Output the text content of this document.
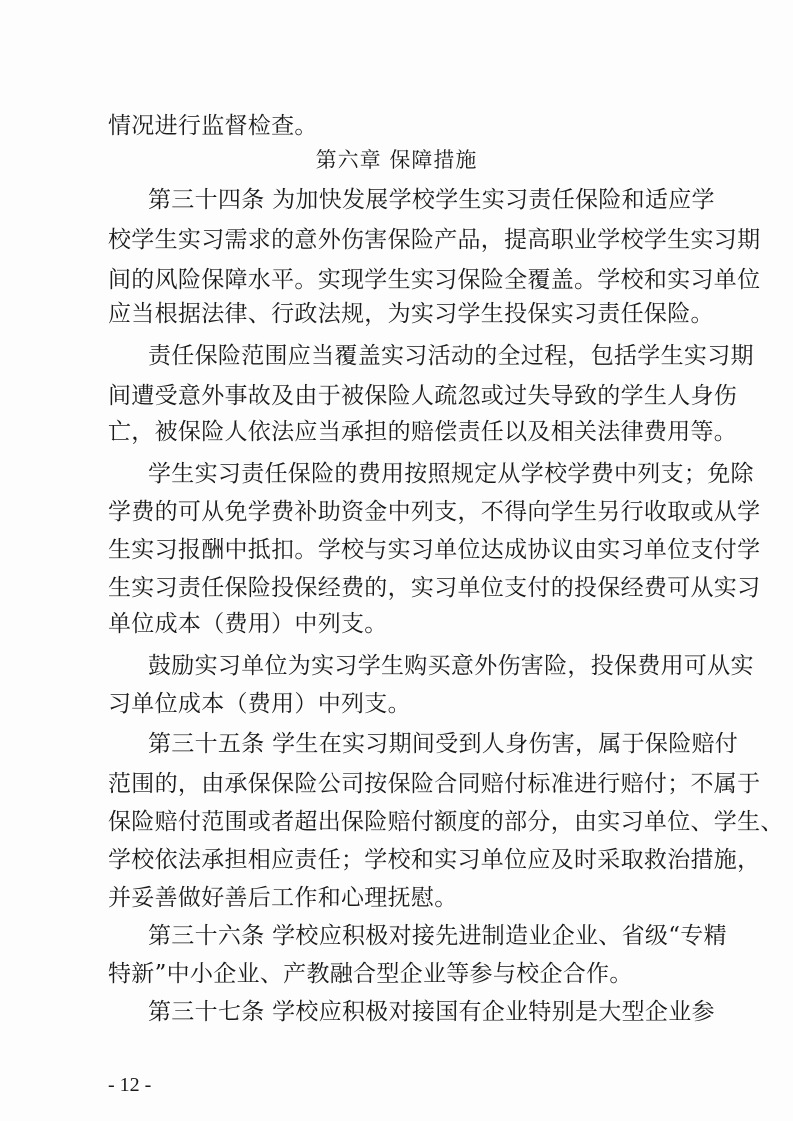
情况进行监督检查。
第六章 保障措施
第三十四条 为加快发展学校学生实习责任保险和适应学
校学生实习需求的意外伤害保险产品，提高职业学校学生实习期
间的风险保障水平。实现学生实习保险全覆盖。学校和实习单位
应当根据法律、行政法规，为实习学生投保实习责任保险。
责任保险范围应当覆盖实习活动的全过程，包括学生实习期
间遭受意外事故及由于被保险人疏忽或过失导致的学生人身伤
亡，被保险人依法应当承担的赔偿责任以及相关法律费用等。
学生实习责任保险的费用按照规定从学校学费中列支；免除
学费的可从免学费补助资金中列支，不得向学生另行收取或从学
生实习报酬中抵扣。学校与实习单位达成协议由实习单位支付学
生实习责任保险投保经费的，实习单位支付的投保经费可从实习
单位成本（费用）中列支。
鼓励实习单位为实习学生购买意外伤害险，投保费用可从实
习单位成本（费用）中列支。
第三十五条 学生在实习期间受到人身伤害，属于保险赔付
范围的，由承保保险公司按保险合同赔付标准进行赔付；不属于
保险赔付范围或者超出保险赔付额度的部分，由实习单位、学生、
学校依法承担相应责任；学校和实习单位应及时采取救治措施，
并妥善做好善后工作和心理抚慰。
第三十六条 学校应积极对接先进制造业企业、省级“专精
特新”中小企业、产教融合型企业等参与校企合作。
第三十七条 学校应积极对接国有企业特别是大型企业参
- 12 -
